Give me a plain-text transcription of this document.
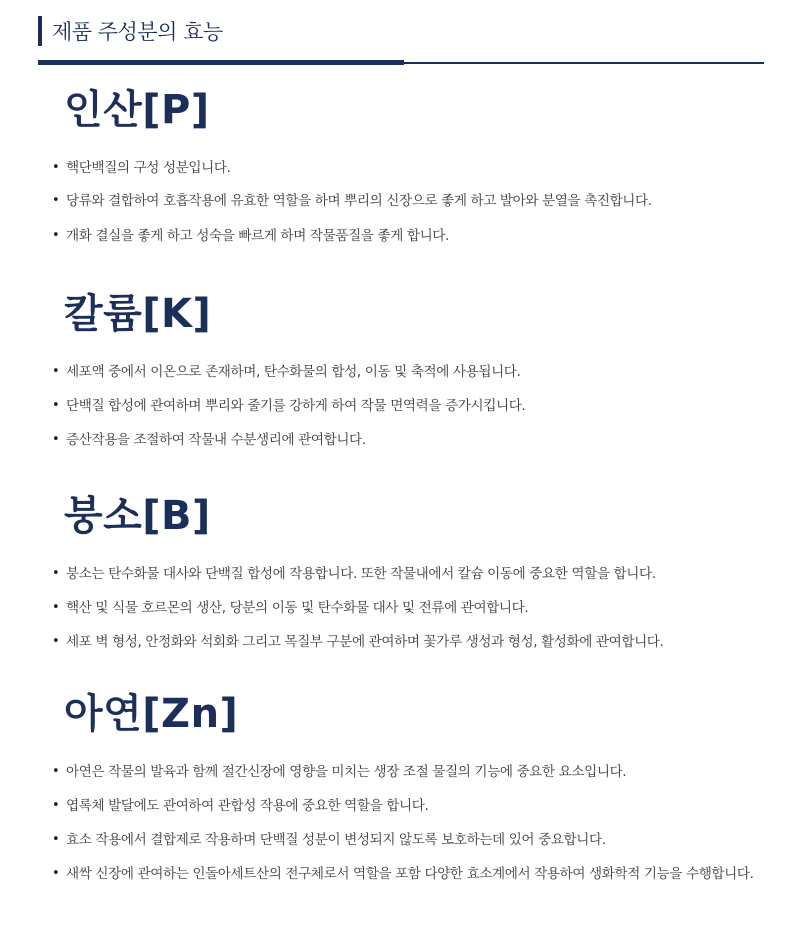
제품 주성분의 효능
인산[P]
• 핵단백질의 구성 성분입니다.
• 당류와 결합하여 호흡작용에 유효한 역할을 하며 뿌리의 신장으로 좋게 하고 발아와 분열을 촉진합니다.
• 개화 결실을 좋게 하고 성숙을 빠르게 하며 작물품질을 좋게 합니다.
칼륨[K]
• 세포액 중에서 이온으로 존재하며, 탄수화물의 합성, 이동 및 축적에 사용됩니다.
• 단백질 합성에 관여하며 뿌리와 줄기를 강하게 하여 작물 면역력을 증가시킵니다.
• 증산작용을 조절하여 작물내 수분생리에 관여합니다.
붕소[B]
• 붕소는 탄수화물 대사와 단백질 합성에 작용합니다. 또한 작물내에서 칼슘 이동에 중요한 역할을 합니다.
• 핵산 및 식물 호르몬의 생산, 당분의 이동 및 탄수화물 대사 및 전류에 관여합니다.
• 세포 벽 형성, 안정화와 석회화 그리고 목질부 구분에 관여하며 꽃가루 생성과 형성, 활성화에 관여합니다.
아연[Zn]
• 아연은 작물의 발육과 함께 절간신장에 영향을 미치는 생장 조절 물질의 기능에 중요한 요소입니다.
• 엽록체 발달에도 관여하여 관합성 작용에 중요한 역할을 합니다.
• 효소 작용에서 결합제로 작용하며 단백질 성분이 변성되지 않도록 보호하는데 있어 중요합니다.
• 새싹 신장에 관여하는 인돌아세트산의 전구체로서 역할을 포함 다양한 효소계에서 작용하여 생화학적 기능을 수행합니다.
